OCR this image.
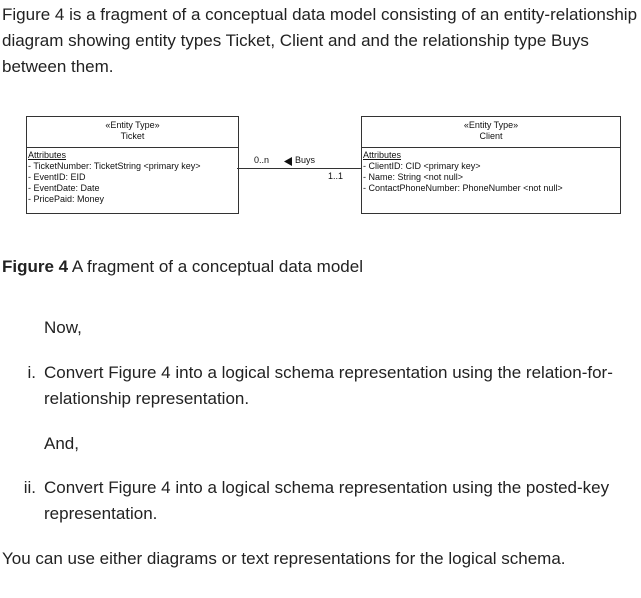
Figure 4 is a fragment of a conceptual data model consisting of an entity-relationship diagram showing entity types Ticket, Client and and the relationship type Buys between them.
«Entity Type»
Ticket
Attributes
- TicketNumber: TicketString <primary key>
- EventID: EID
- EventDate: Date
- PricePaid: Money
0..n	Buys
1..1
«Entity Type»
Client
Attributes
- ClientID: CID <primary key>
- Name: String <not null>
- ContactPhoneNumber: PhoneNumber <not null>
Figure 4 A fragment of a conceptual data model
Now,
i. Convert Figure 4 into a logical schema representation using the relation-for-relationship representation.
And,
ii. Convert Figure 4 into a logical schema representation using the posted-key representation.
You can use either diagrams or text representations for the logical schema.
